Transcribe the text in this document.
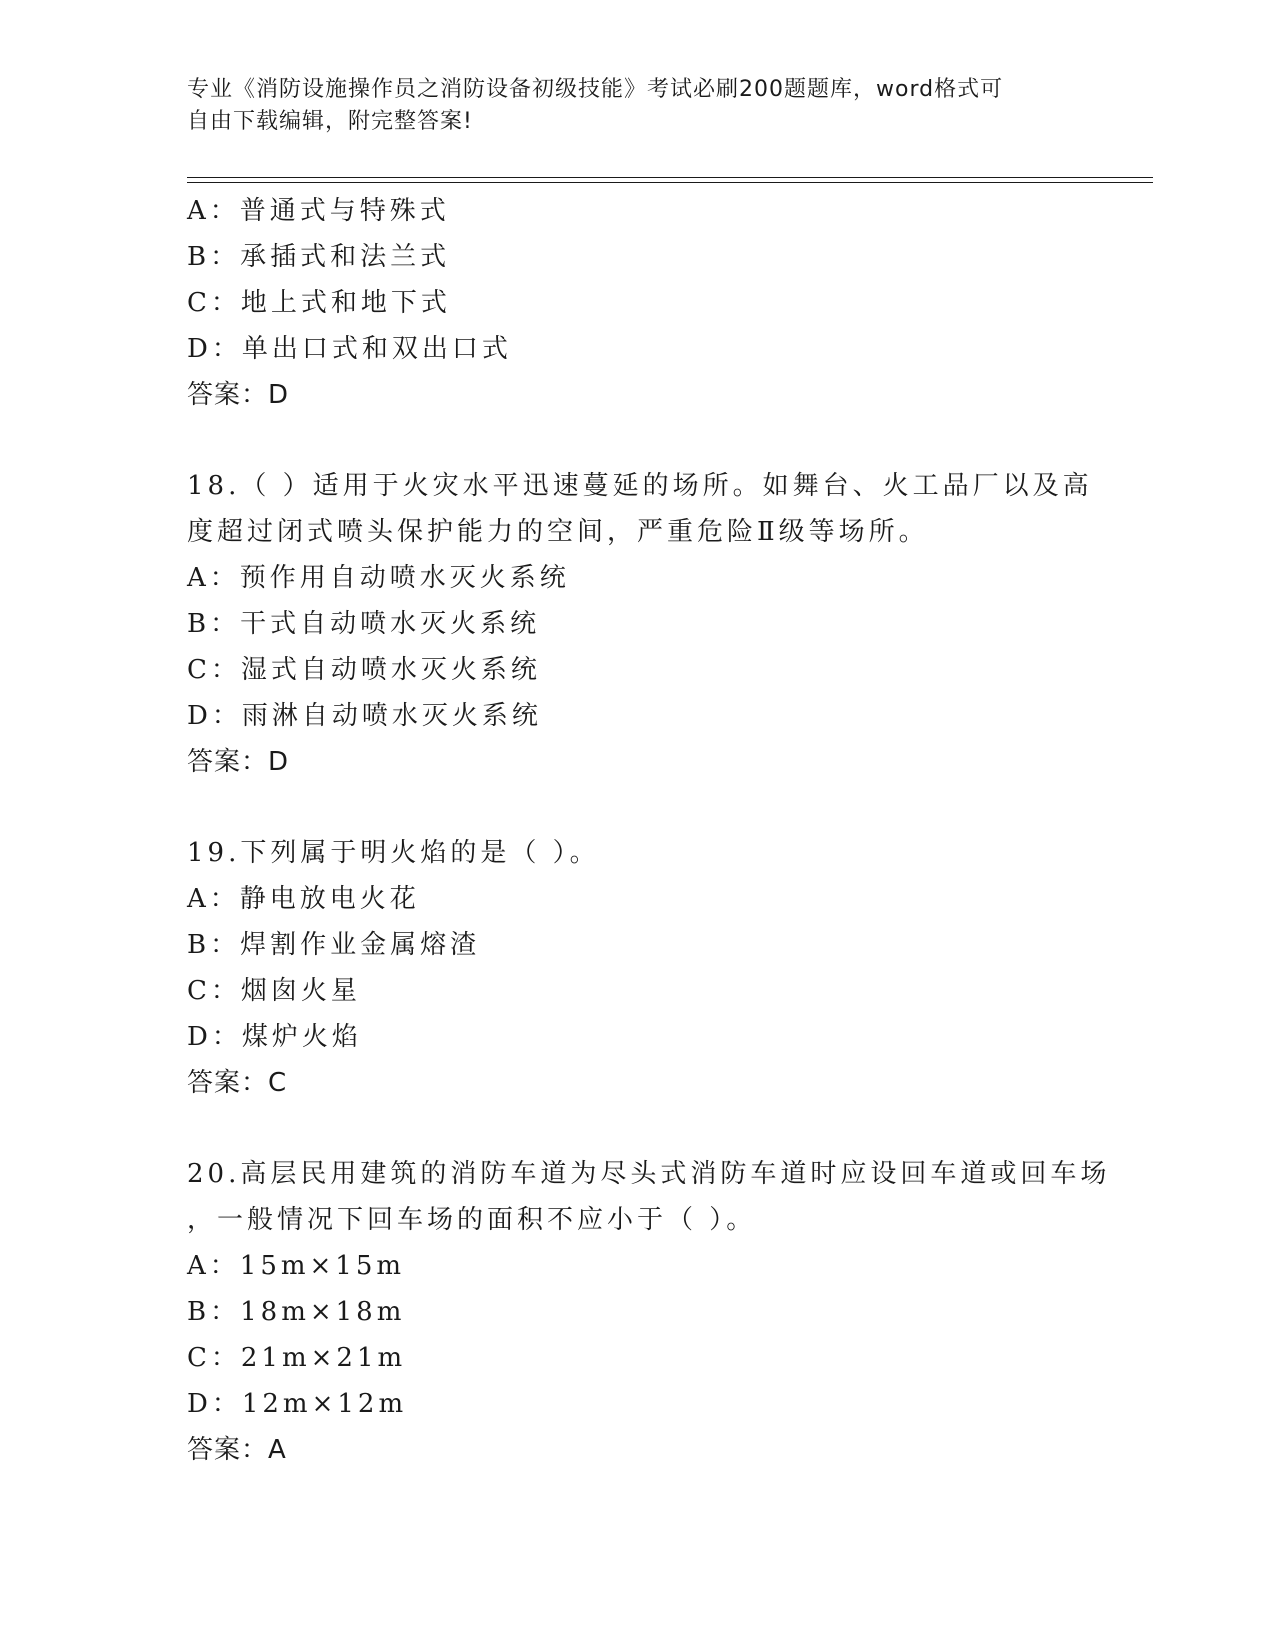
专业《消防设施操作员之消防设备初级技能》考试必刷200题题库，word格式可
自由下载编辑，附完整答案!
A：普通式与特殊式
B：承插式和法兰式
C：地上式和地下式
D：单出口式和双出口式
答案：D
18.（ ）适用于火灾水平迅速蔓延的场所。如舞台、火工品厂以及高
度超过闭式喷头保护能力的空间，严重危险Ⅱ级等场所。
A：预作用自动喷水灭火系统
B：干式自动喷水灭火系统
C：湿式自动喷水灭火系统
D：雨淋自动喷水灭火系统
答案：D
19.下列属于明火焰的是（ ）。
A：静电放电火花
B：焊割作业金属熔渣
C：烟囱火星
D：煤炉火焰
答案：C
20.高层民用建筑的消防车道为尽头式消防车道时应设回车道或回车场
，一般情况下回车场的面积不应小于（ ）。
A：15m×15m
B：18m×18m
C：21m×21m
D：12m×12m
答案：A
